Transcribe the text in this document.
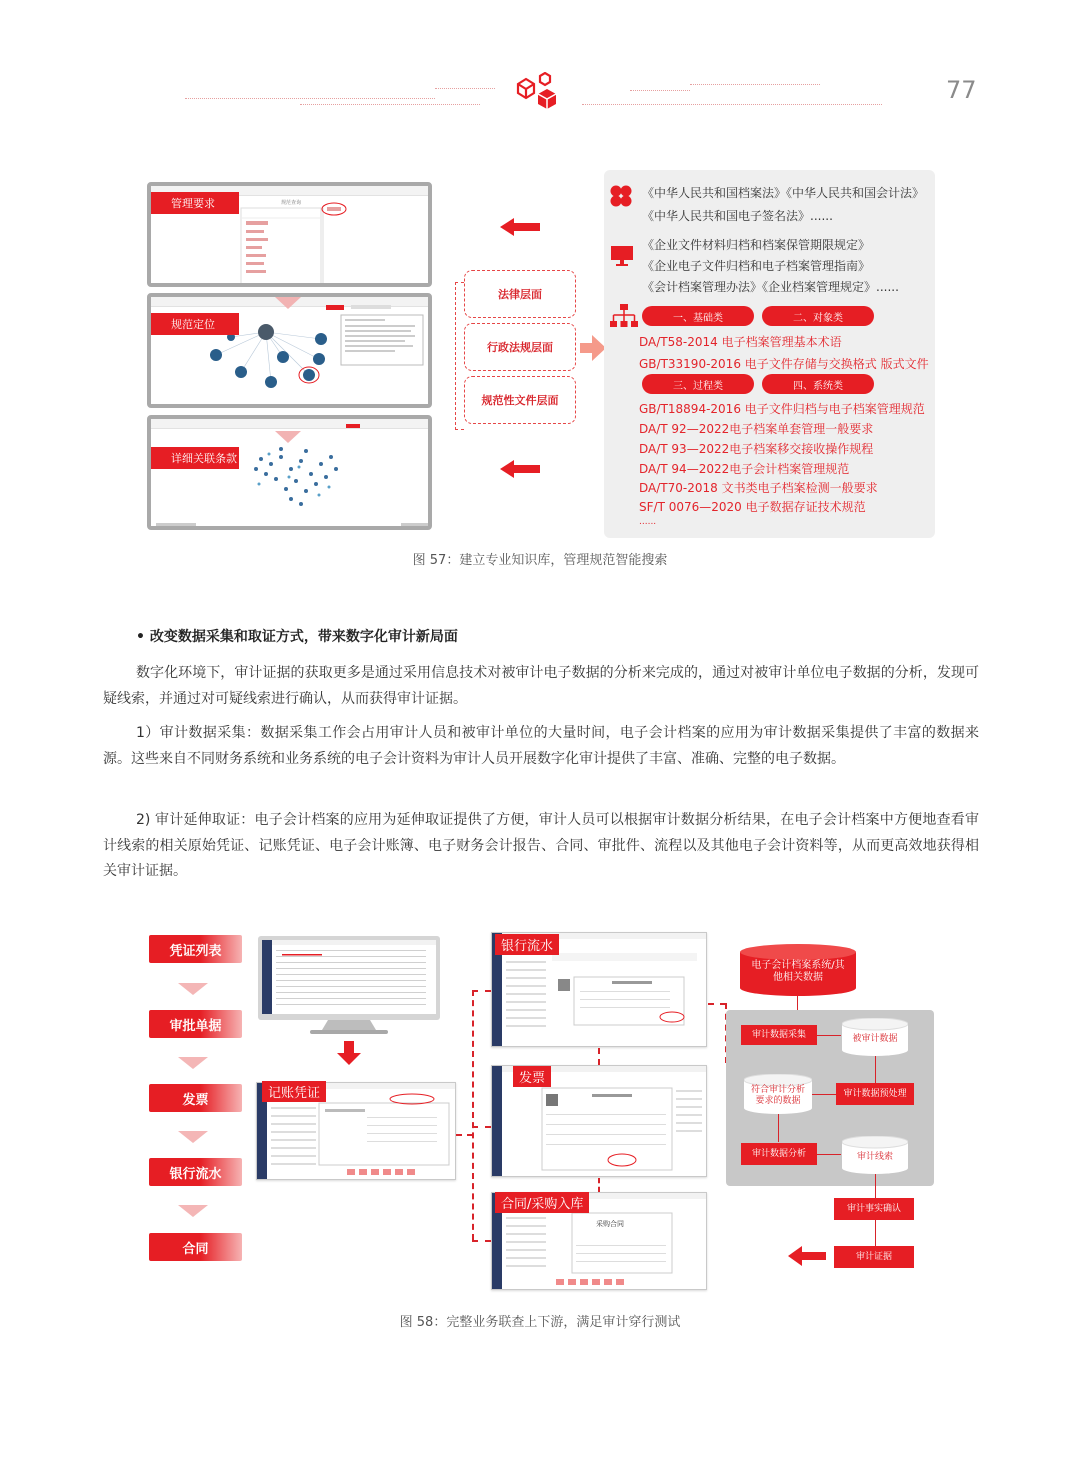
77
规范查询
管理要求
规范定位
详细关联条款
法律层面
行政法规层面
规范性文件层面
《中华人民共和国档案法》《中华人民共和国会计法》
《中华人民共和国电子签名法》......
《企业文件材料归档和档案保管期限规定》
《企业电子文件归档和电子档案管理指南》
《会计档案管理办法》《企业档案管理规定》......
一、基础类	二、对象类
DA/T58-2014 电子档案管理基本术语
GB/T33190-2016 电子文件存储与交换格式 版式文件
三、过程类	四、系统类
GB/T18894-2016 电子文件归档与电子档案管理规范
DA/T 92—2022电子档案单套管理一般要求
DA/T 93—2022电子档案移交接收操作规程
DA/T 94—2022电子会计档案管理规范
DA/T70-2018 文书类电子档案检测一般要求
SF/T 0076—2020 电子数据存证技术规范
......
图 57：建立专业知识库，管理规范智能搜索
• 改变数据采集和取证方式，带来数字化审计新局面

数字化环境下，审计证据的获取更多是通过采用信息技术对被审计电子数据的分析来完成的，通过对被审计单位电子数据的分析，发现可疑线索，并通过对可疑线索进行确认，从而获得审计证据。

1）审计数据采集：数据采集工作会占用审计人员和被审计单位的大量时间，电子会计档案的应用为审计数据采集提供了丰富的数据来源。这些来自不同财务系统和业务系统的电子会计资料为审计人员开展数字化审计提供了丰富、准确、完整的电子数据。

2) 审计延伸取证：电子会计档案的应用为延伸取证提供了方便，审计人员可以根据审计数据分析结果，在电子会计档案中方便地查看审计线索的相关原始凭证、记账凭证、电子会计账簿、电子财务会计报告、合同、审批件、流程以及其他电子会计资料等，从而更高效地获得相关审计证据。

凭证列表
审批单据
发票
银行流水
合同
记账凭证
银行流水
发票
采购合同
合同/采购入库
电子会计档案系统/其他相关数据
审计数据采集	被审计数据
审计数据预处理
符合审计分析要求的数据
审计数据分析	审计线索
审计事实确认
审计证据
图 58：完整业务联查上下游，满足审计穿行测试
